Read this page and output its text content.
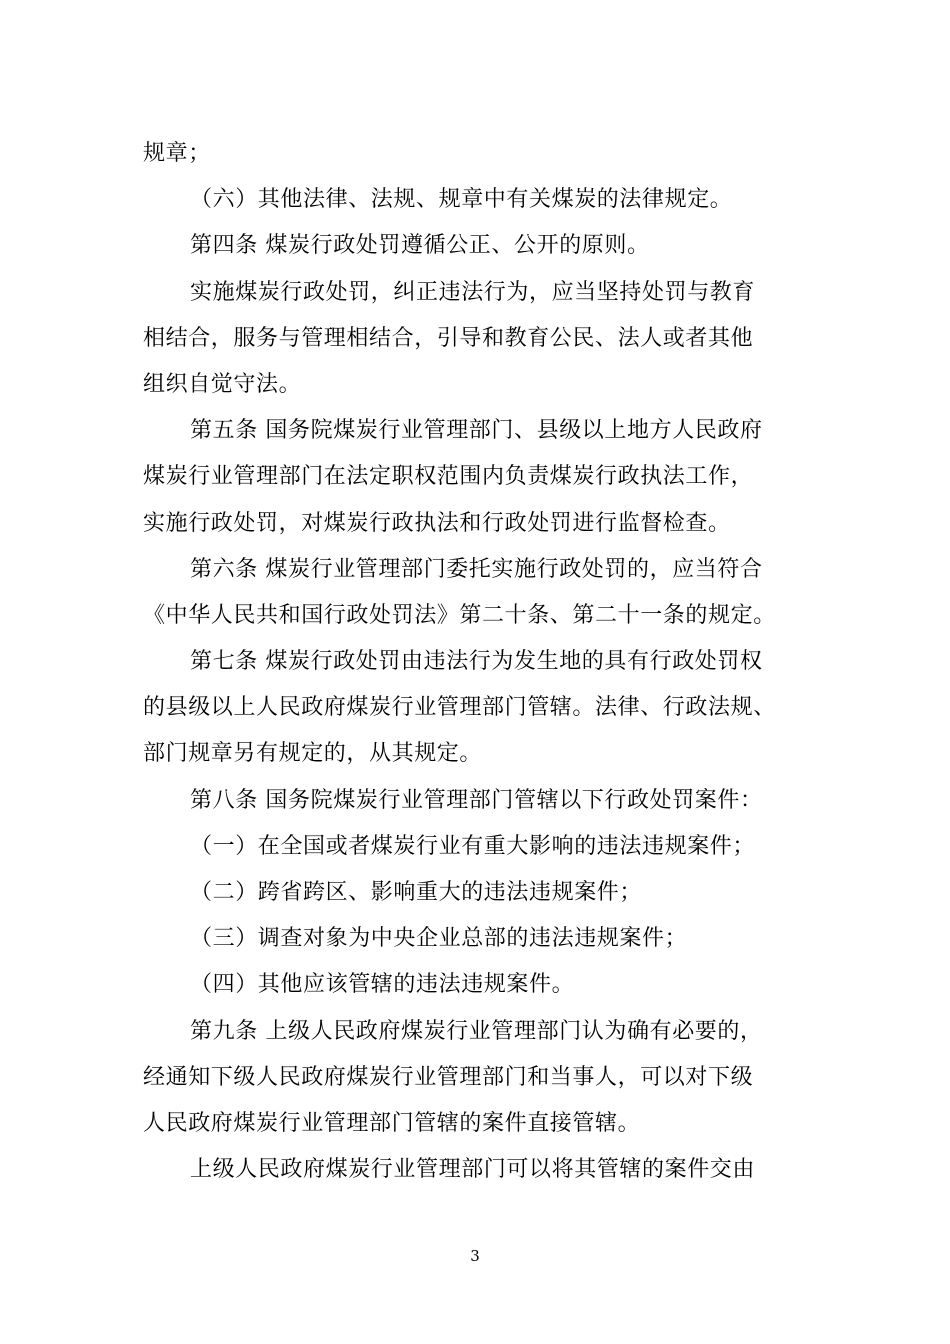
规章；
（六）其他法律、法规、规章中有关煤炭的法律规定。
第四条 煤炭行政处罚遵循公正、公开的原则。
实施煤炭行政处罚，纠正违法行为，应当坚持处罚与教育
相结合，服务与管理相结合，引导和教育公民、法人或者其他
组织自觉守法。
第五条 国务院煤炭行业管理部门、县级以上地方人民政府
煤炭行业管理部门在法定职权范围内负责煤炭行政执法工作，
实施行政处罚，对煤炭行政执法和行政处罚进行监督检查。
第六条 煤炭行业管理部门委托实施行政处罚的，应当符合
《中华人民共和国行政处罚法》第二十条、第二十一条的规定。
第七条 煤炭行政处罚由违法行为发生地的具有行政处罚权
的县级以上人民政府煤炭行业管理部门管辖。法律、行政法规、
部门规章另有规定的，从其规定。
第八条 国务院煤炭行业管理部门管辖以下行政处罚案件：
（一）在全国或者煤炭行业有重大影响的违法违规案件；
（二）跨省跨区、影响重大的违法违规案件；
（三）调查对象为中央企业总部的违法违规案件；
（四）其他应该管辖的违法违规案件。
第九条 上级人民政府煤炭行业管理部门认为确有必要的，
经通知下级人民政府煤炭行业管理部门和当事人，可以对下级
人民政府煤炭行业管理部门管辖的案件直接管辖。
上级人民政府煤炭行业管理部门可以将其管辖的案件交由
3
